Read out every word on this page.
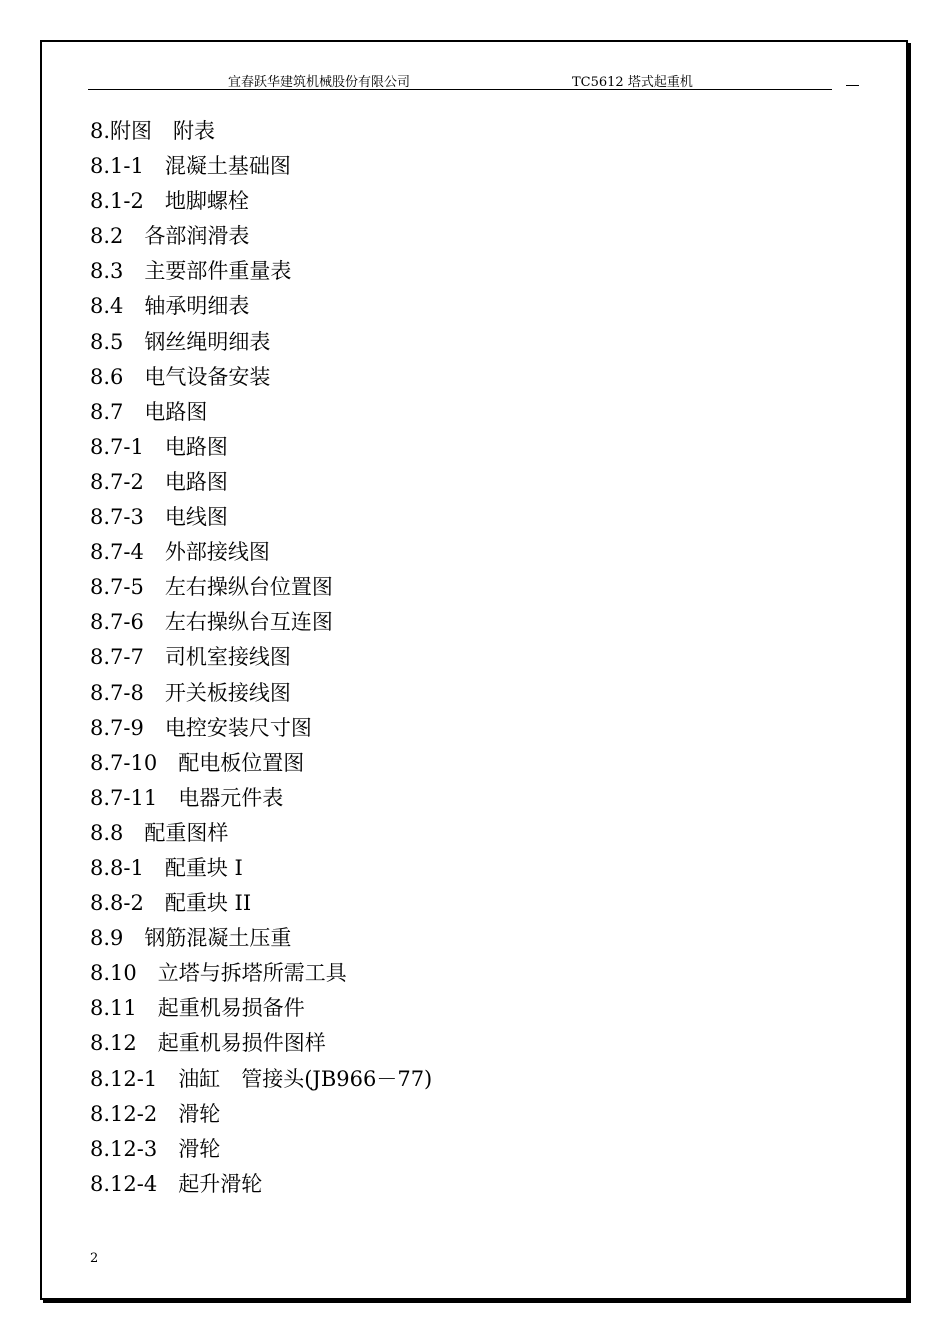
宜春跃华建筑机械股份有限公司	TC5612 塔式起重机
8.附图　附表
8.1-1　混凝土基础图
8.1-2　地脚螺栓
8.2　各部润滑表
8.3　主要部件重量表
8.4　轴承明细表
8.5　钢丝绳明细表
8.6　电气设备安装
8.7　电路图
8.7-1　电路图
8.7-2　电路图
8.7-3　电线图
8.7-4　外部接线图
8.7-5　左右操纵台位置图
8.7-6　左右操纵台互连图
8.7-7　司机室接线图
8.7-8　开关板接线图
8.7-9　电控安装尺寸图
8.7-10　配电板位置图
8.7-11　电器元件表
8.8　配重图样
8.8-1　配重块 I
8.8-2　配重块 II
8.9　钢筋混凝土压重
8.10　立塔与拆塔所需工具
8.11　起重机易损备件
8.12　起重机易损件图样
8.12-1　油缸　管接头(JB966－77)
8.12-2　滑轮
8.12-3　滑轮
8.12-4　起升滑轮
2
